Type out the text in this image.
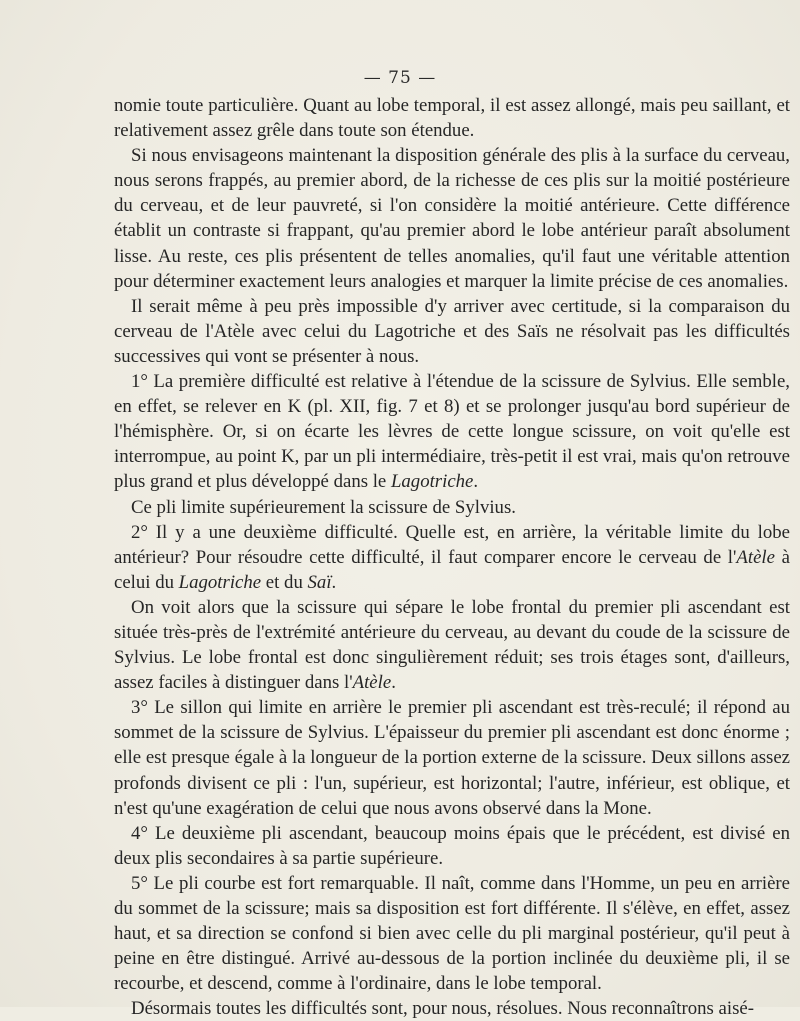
— 75 —

nomie toute particulière. Quant au lobe temporal, il est assez allongé, mais peu saillant, et relativement assez grêle dans toute son étendue.

Si nous envisageons maintenant la disposition générale des plis à la surface du cerveau, nous serons frappés, au premier abord, de la richesse de ces plis sur la moitié postérieure du cerveau, et de leur pauvreté, si l'on considère la moitié antérieure. Cette différence établit un contraste si frappant, qu'au premier abord le lobe antérieur paraît absolument lisse. Au reste, ces plis présentent de telles anomalies, qu'il faut une véritable attention pour déterminer exactement leurs analogies et marquer la limite précise de ces anomalies.

Il serait même à peu près impossible d'y arriver avec certitude, si la comparaison du cerveau de l'Atèle avec celui du Lagotriche et des Saïs ne résolvait pas les difficultés successives qui vont se présenter à nous.

1° La première difficulté est relative à l'étendue de la scissure de Sylvius. Elle semble, en effet, se relever en K (pl. XII, fig. 7 et 8) et se prolonger jusqu'au bord supérieur de l'hémisphère. Or, si on écarte les lèvres de cette longue scissure, on voit qu'elle est interrompue, au point K, par un pli intermédiaire, très-petit il est vrai, mais qu'on retrouve plus grand et plus développé dans le Lagotriche.

Ce pli limite supérieurement la scissure de Sylvius.

2° Il y a une deuxième difficulté. Quelle est, en arrière, la véritable limite du lobe antérieur? Pour résoudre cette difficulté, il faut comparer encore le cerveau de l'Atèle à celui du Lagotriche et du Saï.

On voit alors que la scissure qui sépare le lobe frontal du premier pli ascendant est située très-près de l'extrémité antérieure du cerveau, au devant du coude de la scissure de Sylvius. Le lobe frontal est donc singulièrement réduit; ses trois étages sont, d'ailleurs, assez faciles à distinguer dans l'Atèle.

3° Le sillon qui limite en arrière le premier pli ascendant est très-reculé; il répond au sommet de la scissure de Sylvius. L'épaisseur du premier pli ascendant est donc énorme ; elle est presque égale à la longueur de la portion externe de la scissure. Deux sillons assez profonds divisent ce pli : l'un, supérieur, est horizontal; l'autre, inférieur, est oblique, et n'est qu'une exagération de celui que nous avons observé dans la Mone.

4° Le deuxième pli ascendant, beaucoup moins épais que le précédent, est divisé en deux plis secondaires à sa partie supérieure.

5° Le pli courbe est fort remarquable. Il naît, comme dans l'Homme, un peu en arrière du sommet de la scissure; mais sa disposition est fort différente. Il s'élève, en effet, assez haut, et sa direction se confond si bien avec celle du pli marginal postérieur, qu'il peut à peine en être distingué. Arrivé au-dessous de la portion inclinée du deuxième pli, il se recourbe, et descend, comme à l'ordinaire, dans le lobe temporal.

Désormais toutes les difficultés sont, pour nous, résolues. Nous reconnaîtrons aisé-
